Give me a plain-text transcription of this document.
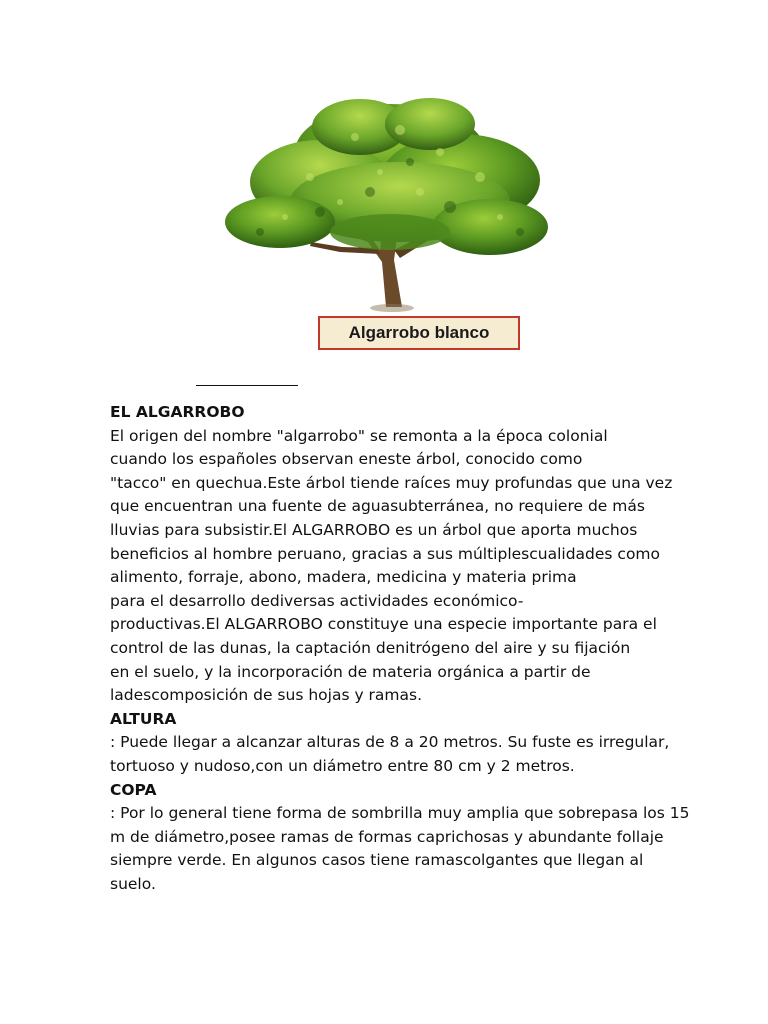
Algarrobo blanco
EL ALGARROBO
El origen del nombre "algarrobo" se remonta a la época colonial
cuando los españoles observan eneste árbol, conocido como
"tacco" en quechua.Este árbol tiende raíces muy profundas que una vez
que encuentran una fuente de aguasubterránea, no requiere de más
lluvias para subsistir.El ALGARROBO es un árbol que aporta muchos
beneficios al hombre peruano, gracias a sus múltiplescualidades como
alimento, forraje, abono, madera, medicina y materia prima
para el desarrollo dediversas actividades económico-
productivas.El ALGARROBO constituye una especie importante para el
control de las dunas, la captación denitrógeno del aire y su fijación
en el suelo, y la incorporación de materia orgánica a partir de
ladescomposición de sus hojas y ramas.
ALTURA
: Puede llegar a alcanzar alturas de 8 a 20 metros. Su fuste es irregular,
tortuoso y nudoso,con un diámetro entre 80 cm y 2 metros.
COPA
: Por lo general tiene forma de sombrilla muy amplia que sobrepasa los 15
m de diámetro,posee ramas de formas caprichosas y abundante follaje
siempre verde. En algunos casos tiene ramascolgantes que llegan al
suelo.
